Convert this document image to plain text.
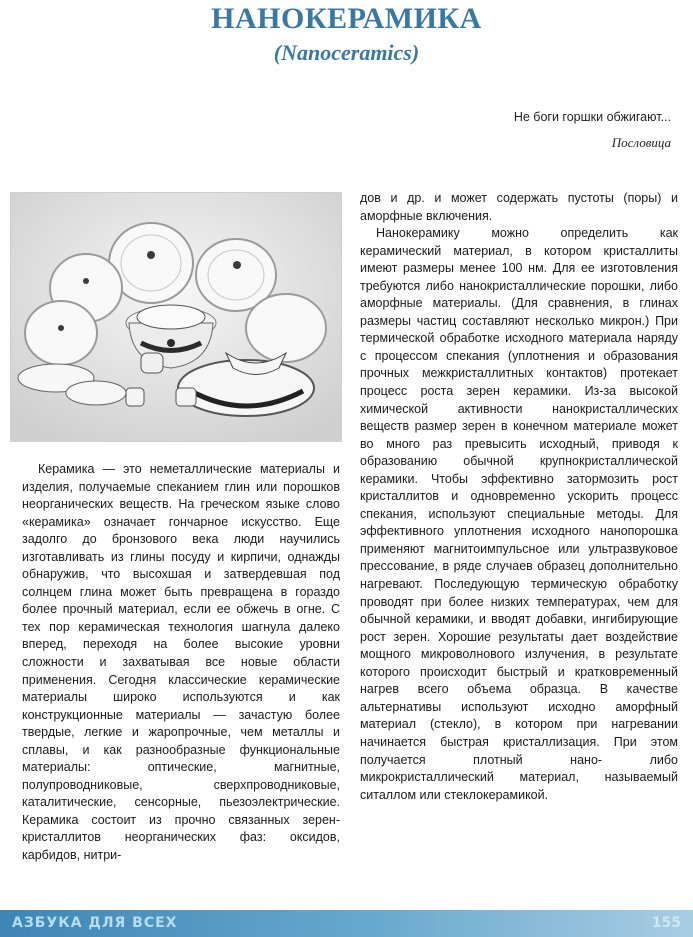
НАНОКЕРАМИКА
(Nanoceramics)
Не боги горшки обжигают...
Пословица

Керамика — это неметаллические материалы и изделия, получаемые спеканием глин или порошков неорганических веществ. На греческом языке слово «керамика» означает гончарное искусство. Еще задолго до бронзового века люди научились изготавливать из глины посуду и кирпичи, однажды обнаружив, что высохшая и затвердевшая под солнцем глина может быть превращена в гораздо более прочный материал, если ее обжечь в огне. С тех пор керамическая технология шагнула далеко вперед, переходя на более высокие уровни сложности и захватывая все новые области применения. Сегодня классические керамические материалы широко используются и как конструкционные материалы — зачастую более твердые, легкие и жаропрочные, чем металлы и сплавы, и как разнообразные функциональные материалы: оптические, магнитные, полупроводниковые, сверхпроводниковые, каталитические, сенсорные, пьезоэлектрические. Керамика состоит из прочно связанных зерен-кристаллитов неорганических фаз: оксидов, карбидов, нитри-

дов и др. и может содержать пустоты (поры) и аморфные включения.

Нанокерамику можно определить как керамический материал, в котором кристаллиты имеют размеры менее 100 нм. Для ее изготовления требуются либо нанокристаллические порошки, либо аморфные материалы. (Для сравнения, в глинах размеры частиц составляют несколько микрон.) При термической обработке исходного материала наряду с процессом спекания (уплотнения и образования прочных межкристаллитных контактов) протекает процесс роста зерен керамики. Из-за высокой химической активности нанокристаллических веществ размер зерен в конечном материале может во много раз превысить исходный, приводя к образованию обычной крупнокристаллической керамики. Чтобы эффективно затормозить рост кристаллитов и одновременно ускорить процесс спекания, используют специальные методы. Для эффективного уплотнения исходного нанопорошка применяют магнитоимпульсное или ультразвуковое прессование, в ряде случаев образец дополнительно нагревают. Последующую термическую обработку проводят при более низких температурах, чем для обычной керамики, и вводят добавки, ингибирующие рост зерен. Хорошие результаты дает воздействие мощного микроволнового излучения, в результате которого происходит быстрый и кратковременный нагрев всего объема образца. В качестве альтернативы используют исходно аморфный материал (стекло), в котором при нагревании начинается быстрая кристаллизация. При этом получается плотный нано- либо микрокристаллический материал, называемый ситаллом или стеклокерамикой.

АЗБУКА ДЛЯ ВСЕХ	155
